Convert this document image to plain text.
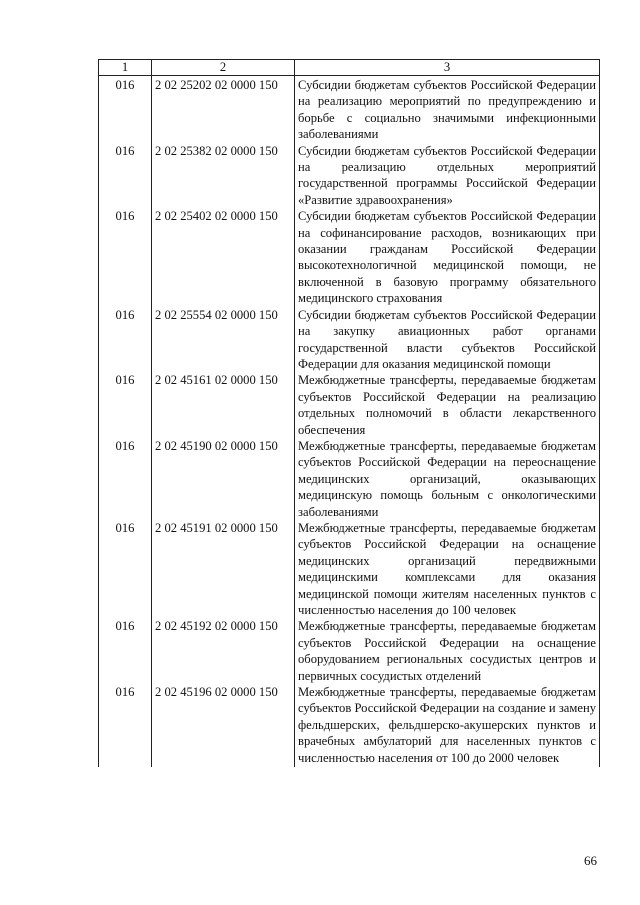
1	2	3
016	2 02 25202 02 0000 150	Субсидии бюджетам субъектов Российской Федерации на реализацию мероприятий по предупреждению и борьбе с социально значимыми инфекционными заболеваниями
016	2 02 25382 02 0000 150	Субсидии бюджетам субъектов Российской Федерации на реализацию отдельных мероприятий государственной программы Российской Федерации «Развитие здравоохранения»
016	2 02 25402 02 0000 150	Субсидии бюджетам субъектов Российской Федерации на софинансирование расходов, возникающих при оказании гражданам Российской Федерации высокотехнологичной медицинской помощи, не включенной в базовую программу обязательного медицинского страхования
016	2 02 25554 02 0000 150	Субсидии бюджетам субъектов Российской Федерации на закупку авиационных работ органами государственной власти субъектов Российской Федерации для оказания медицинской помощи
016	2 02 45161 02 0000 150	Межбюджетные трансферты, передаваемые бюджетам субъектов Российской Федерации на реализацию отдельных полномочий в области лекарственного обеспечения
016	2 02 45190 02 0000 150	Межбюджетные трансферты, передаваемые бюджетам субъектов Российской Федерации на переоснащение медицинских организаций, оказывающих медицинскую помощь больным с онкологическими заболеваниями
016	2 02 45191 02 0000 150	Межбюджетные трансферты, передаваемые бюджетам субъектов Российской Федерации на оснащение медицинских организаций передвижными медицинскими комплексами для оказания медицинской помощи жителям населенных пунктов с численностью населения до 100 человек
016	2 02 45192 02 0000 150	Межбюджетные трансферты, передаваемые бюджетам субъектов Российской Федерации на оснащение оборудованием региональных сосудистых центров и первичных сосудистых отделений
016	2 02 45196 02 0000 150	Межбюджетные трансферты, передаваемые бюджетам субъектов Российской Федерации на создание и замену фельдшерских, фельдшерско-акушерских пунктов и врачебных амбулаторий для населенных пунктов с численностью населения от 100 до 2000 человек
66
